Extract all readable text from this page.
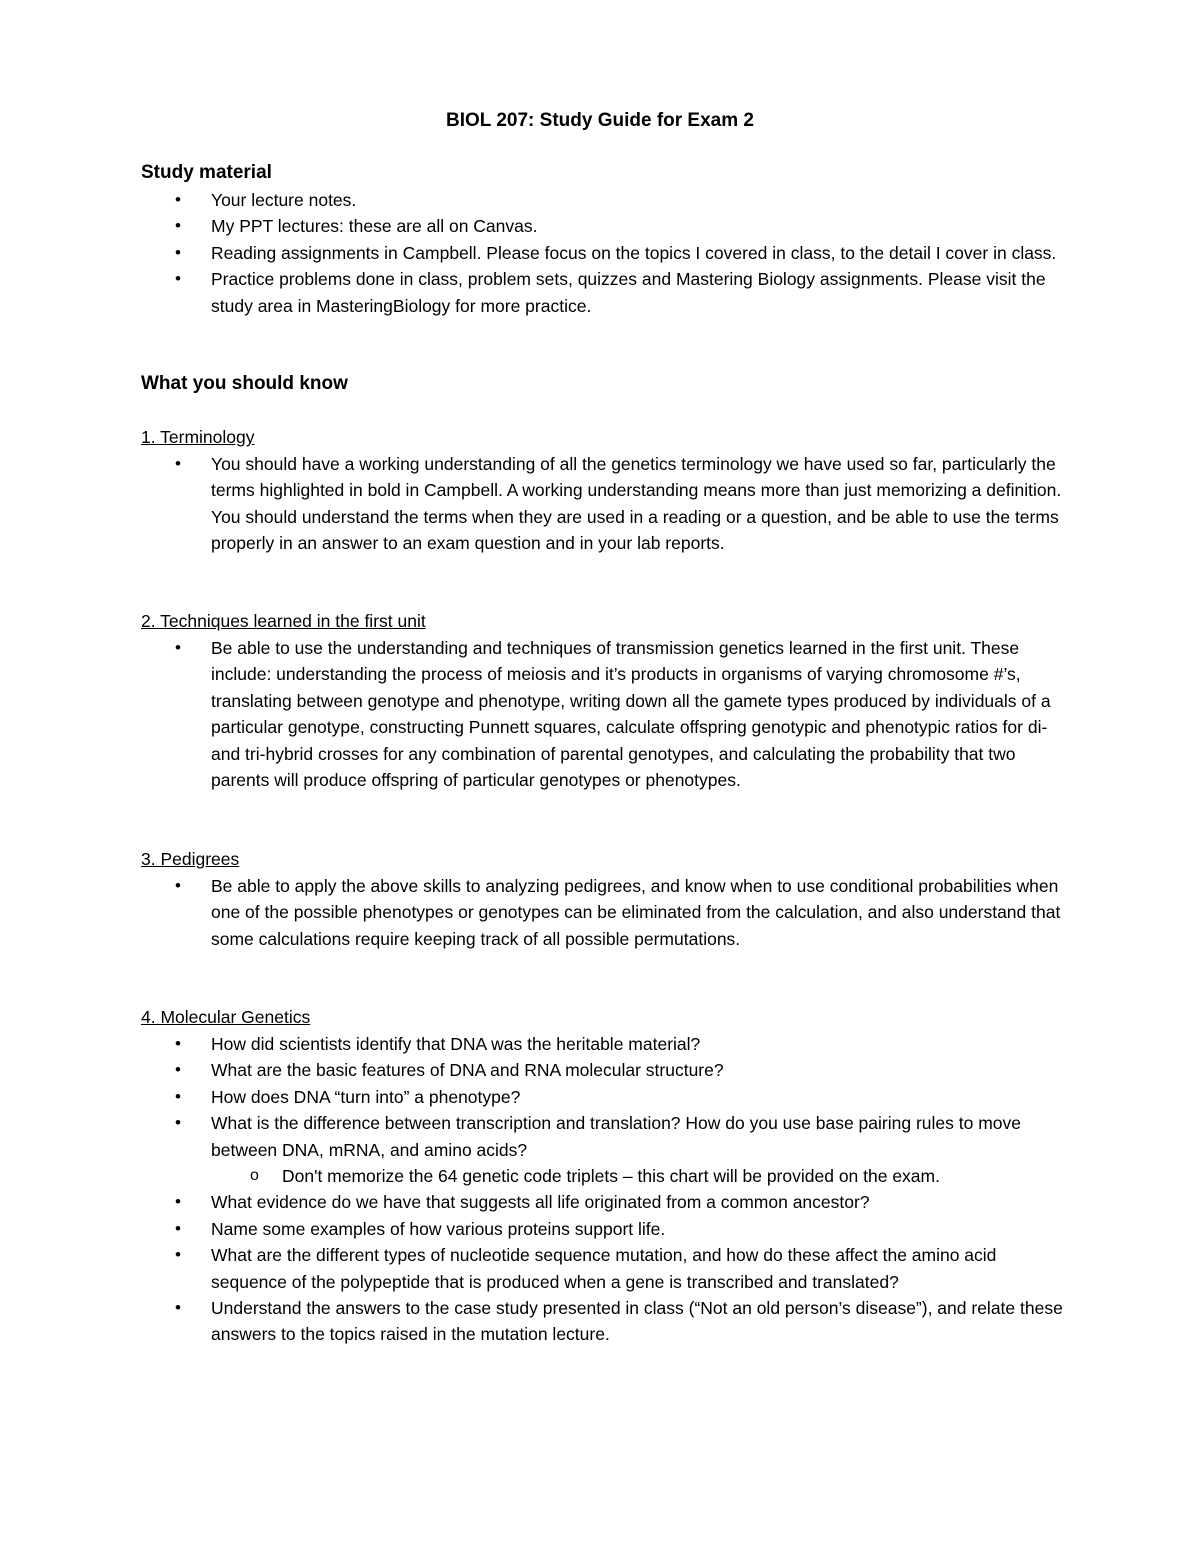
BIOL 207: Study Guide for Exam 2
Study material
• Your lecture notes.
• My PPT lectures: these are all on Canvas.
• Reading assignments in Campbell. Please focus on the topics I covered in class, to the detail I cover in class.
• Practice problems done in class, problem sets, quizzes and Mastering Biology assignments. Please visit the study area in MasteringBiology for more practice.
What you should know
1. Terminology
• You should have a working understanding of all the genetics terminology we have used so far, particularly the terms highlighted in bold in Campbell. A working understanding means more than just memorizing a definition. You should understand the terms when they are used in a reading or a question, and be able to use the terms properly in an answer to an exam question and in your lab reports.
2. Techniques learned in the first unit
• Be able to use the understanding and techniques of transmission genetics learned in the first unit. These include: understanding the process of meiosis and it’s products in organisms of varying chromosome #’s, translating between genotype and phenotype, writing down all the gamete types produced by individuals of a particular genotype, constructing Punnett squares, calculate offspring genotypic and phenotypic ratios for di- and tri-hybrid crosses for any combination of parental genotypes, and calculating the probability that two parents will produce offspring of particular genotypes or phenotypes.
3. Pedigrees
• Be able to apply the above skills to analyzing pedigrees, and know when to use conditional probabilities when one of the possible phenotypes or genotypes can be eliminated from the calculation, and also understand that some calculations require keeping track of all possible permutations.
4. Molecular Genetics
• How did scientists identify that DNA was the heritable material?
• What are the basic features of DNA and RNA molecular structure?
• How does DNA “turn into” a phenotype?
• What is the difference between transcription and translation? How do you use base pairing rules to move between DNA, mRNA, and amino acids?
o Don't memorize the 64 genetic code triplets – this chart will be provided on the exam.
• What evidence do we have that suggests all life originated from a common ancestor?
• Name some examples of how various proteins support life.
• What are the different types of nucleotide sequence mutation, and how do these affect the amino acid sequence of the polypeptide that is produced when a gene is transcribed and translated?
• Understand the answers to the case study presented in class (“Not an old person’s disease”), and relate these answers to the topics raised in the mutation lecture.
